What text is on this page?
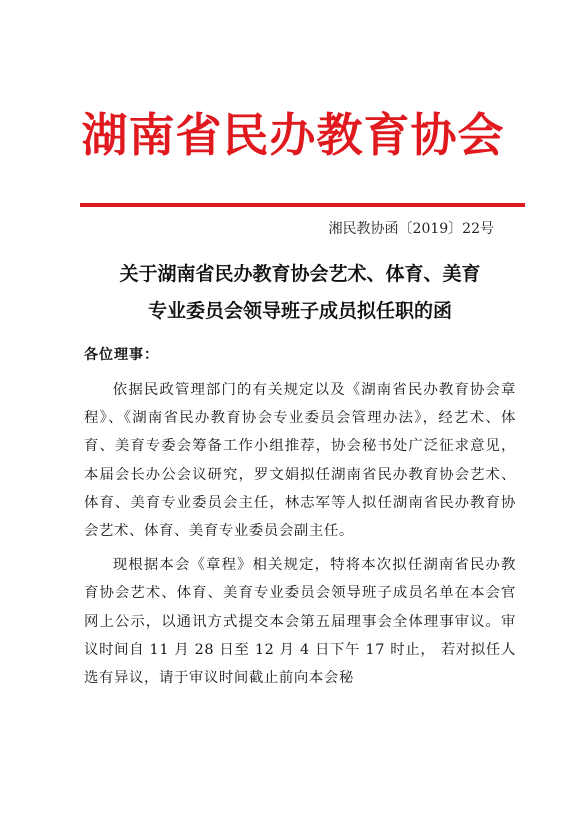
湖南省民办教育协会
湘民教协函〔2019〕22号
关于湖南省民办教育协会艺术、体育、美育
专业委员会领导班子成员拟任职的函
各位理事：

依据民政管理部门的有关规定以及《湖南省民办教育协会章程》、《湖南省民办教育协会专业委员会管理办法》，经艺术、体育、美育专委会筹备工作小组推荐，协会秘书处广泛征求意见，本届会长办公会议研究，罗文娟拟任湖南省民办教育协会艺术、体育、美育专业委员会主任，林志军等人拟任湖南省民办教育协会艺术、体育、美育专业委员会副主任。

现根据本会《章程》相关规定，特将本次拟任湖南省民办教育协会艺术、体育、美育专业委员会领导班子成员名单在本会官网上公示，以通讯方式提交本会第五届理事会全体理事审议。审议时间自 11 月 28 日至 12 月 4 日下午 17 时止， 若对拟任人选有异议，请于审议时间截止前向本会秘
